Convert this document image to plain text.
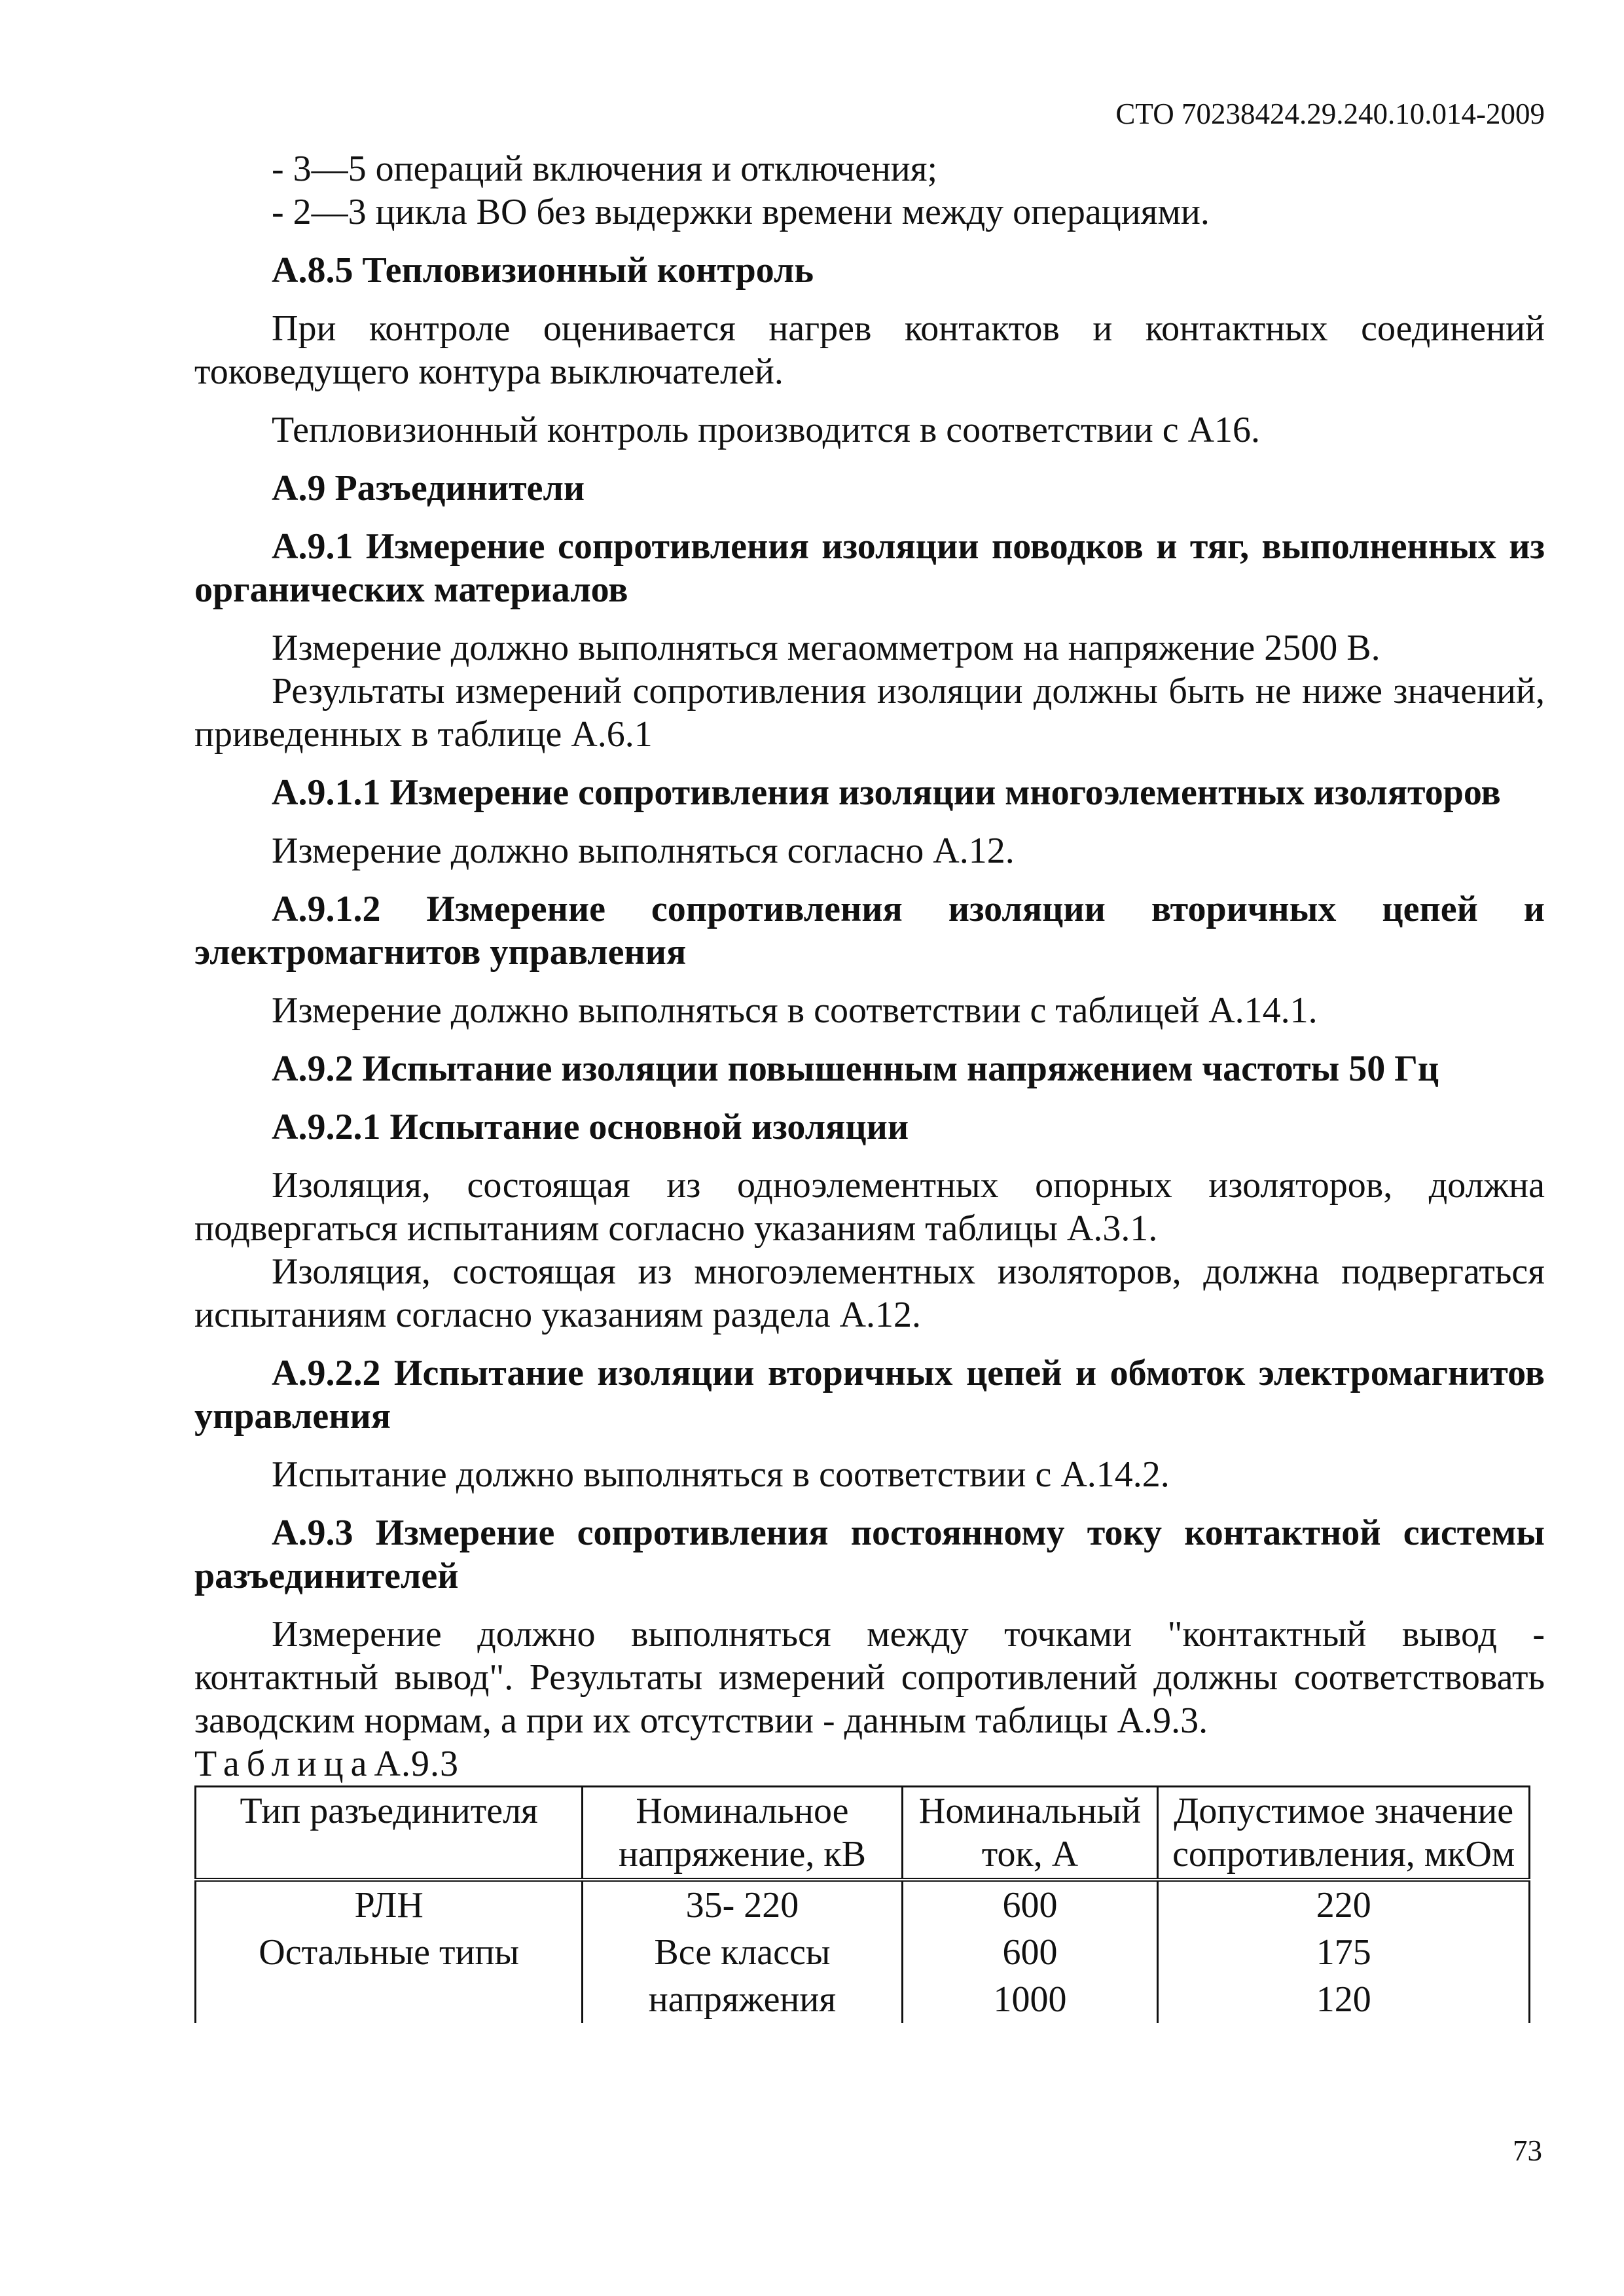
СТО 70238424.29.240.10.014-2009

- 3—5 операций включения и отключения;

- 2—3 цикла ВО без выдержки времени между операциями.

А.8.5 Тепловизионный контроль

При контроле оценивается нагрев контактов и контактных соединений токоведущего контура выключателей.

Тепловизионный контроль производится в соответствии с А16.

А.9 Разъединители

А.9.1 Измерение сопротивления изоляции поводков и тяг, выполненных из органических материалов

Измерение должно выполняться мегаомметром на напряжение 2500 В.

Результаты измерений сопротивления изоляции должны быть не ниже значений, приведенных в таблице А.6.1

А.9.1.1 Измерение сопротивления изоляции многоэлементных изоляторов

Измерение должно выполняться согласно А.12.

А.9.1.2 Измерение сопротивления изоляции вторичных цепей и электромагнитов управления

Измерение должно выполняться в соответствии с таблицей А.14.1.

А.9.2 Испытание изоляции повышенным напряжением частоты 50 Гц

А.9.2.1 Испытание основной изоляции

Изоляция, состоящая из одноэлементных опорных изоляторов, должна подвергаться испытаниям согласно указаниям таблицы А.3.1.

Изоляция, состоящая из многоэлементных изоляторов, должна подвергаться испытаниям согласно указаниям раздела А.12.

А.9.2.2 Испытание изоляции вторичных цепей и обмоток электромагнитов управления

Испытание должно выполняться в соответствии с А.14.2.

А.9.3 Измерение сопротивления постоянному току контактной системы разъединителей

Измерение должно выполняться между точками "контактный вывод - контактный вывод". Результаты измерений сопротивлений должны соответствовать заводским нормам, а при их отсутствии - данным таблицы А.9.3.

ТаблицаА.9.3

Тип разъединителя	Номинальное напряжение, кВ	Номинальный ток, А	Допустимое значение сопротивления, мкОм
РЛН	35- 220	600	220
Остальные типы	Все классы	600	175
	напряжения	1000	120

73
